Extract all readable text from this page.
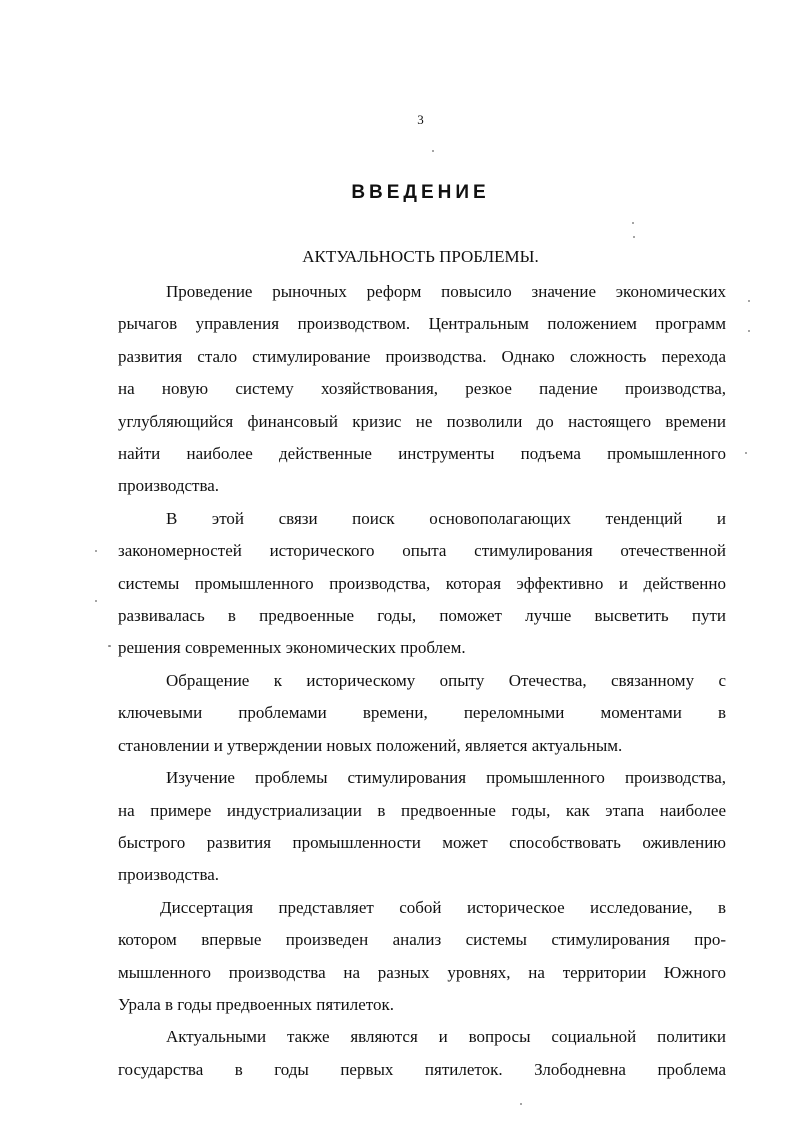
3
ВВЕДЕНИЕ
АКТУАЛЬНОСТЬ ПРОБЛЕМЫ.

Проведение рыночных реформ повысило значение экономических
рычагов управления производством. Центральным положением программ
развития стало стимулирование производства. Однако сложность перехода
на новую систему хозяйствования, резкое падение производства,
углубляющийся финансовый кризис не позволили до настоящего времени
найти наиболее действенные инструменты подъема промышленного
производства.

В этой связи поиск основополагающих тенденций и
закономерностей исторического опыта стимулирования отечественной
системы промышленного производства, которая эффективно и действенно
развивалась в предвоенные годы, поможет лучше высветить пути
решения современных экономических проблем.

Обращение к историческому опыту Отечества, связанному с
ключевыми проблемами времени, переломными моментами в
становлении и утверждении новых положений, является актуальным.

Изучение проблемы стимулирования промышленного производства,
на примере индустриализации в предвоенные годы, как этапа наиболее
быстрого развития промышленности может способствовать оживлению
производства.

Диссертация представляет собой историческое исследование, в
котором впервые произведен анализ системы стимулирования про-
мышленного производства на разных уровнях, на территории Южного
Урала в годы предвоенных пятилеток.

Актуальными также являются и вопросы социальной политики
государства в годы первых пятилеток. Злободневна проблема
